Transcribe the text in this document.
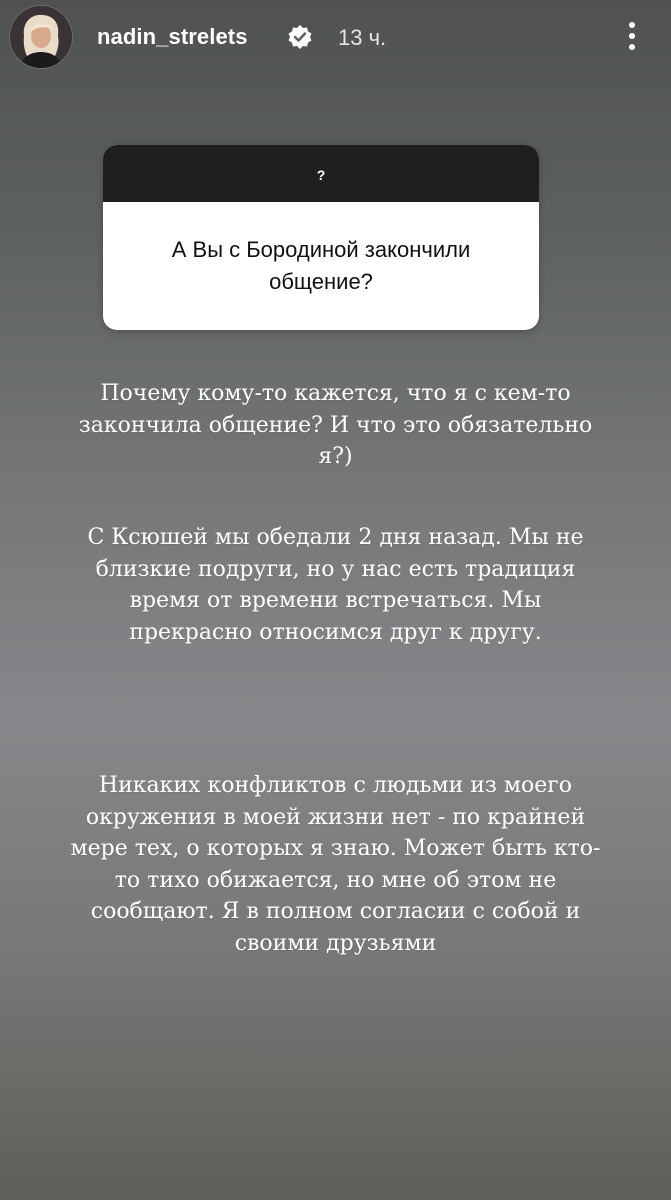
nadin_strelets	13 ч.
?
А Вы с Бородиной закончили общение?
Почему кому-то кажется, что я с кем-то закончила общение? И что это обязательно я?)
С Ксюшей мы обедали 2 дня назад. Мы не близкие подруги, но у нас есть традиция время от времени встречаться. Мы прекрасно относимся друг к другу.
Никаких конфликтов с людьми из моего окружения в моей жизни нет - по крайней мере тех, о которых я знаю. Может быть кто-то тихо обижается, но мне об этом не сообщают. Я в полном согласии с собой и своими друзьями
